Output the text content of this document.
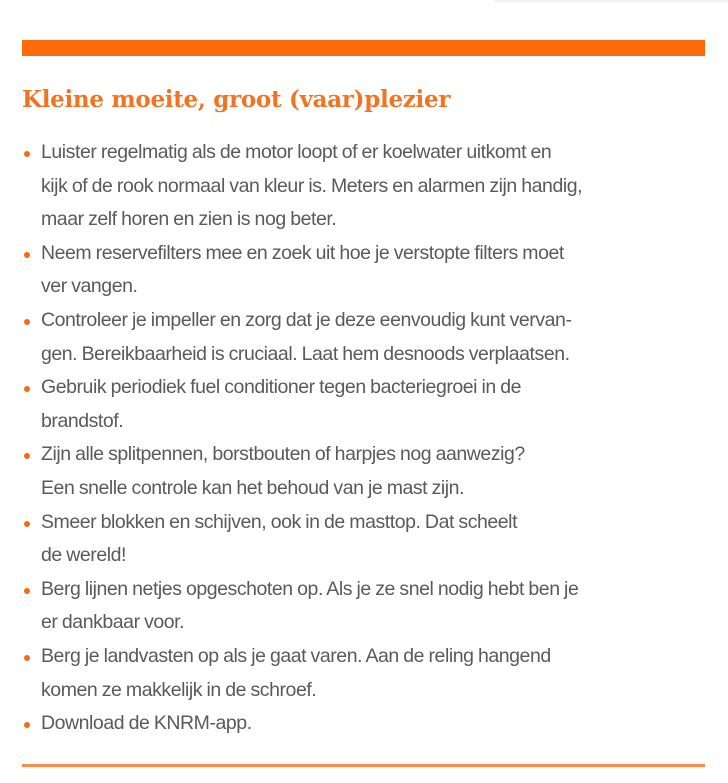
Kleine moeite, groot (vaar)plezier
Luister regelmatig als de motor loopt of er koelwater uitkomt en
kijk of de rook normaal van kleur is. Meters en alarmen zijn handig,
maar zelf horen en zien is nog beter.
Neem reservefilters mee en zoek uit hoe je verstopte filters moet
ver vangen.
Controleer je impeller en zorg dat je deze eenvoudig kunt vervan-
gen. Bereikbaarheid is cruciaal. Laat hem desnoods verplaatsen.
Gebruik periodiek fuel conditioner tegen bacteriegroei in de
brandstof.
Zijn alle splitpennen, borstbouten of harpjes nog aanwezig?
Een snelle controle kan het behoud van je mast zijn.
Smeer blokken en schijven, ook in de masttop. Dat scheelt
de wereld!
Berg lijnen netjes opgeschoten op. Als je ze snel nodig hebt ben je
er dankbaar voor.
Berg je landvasten op als je gaat varen. Aan de reling hangend
komen ze makkelijk in de schroef.
Download de KNRM-app.
